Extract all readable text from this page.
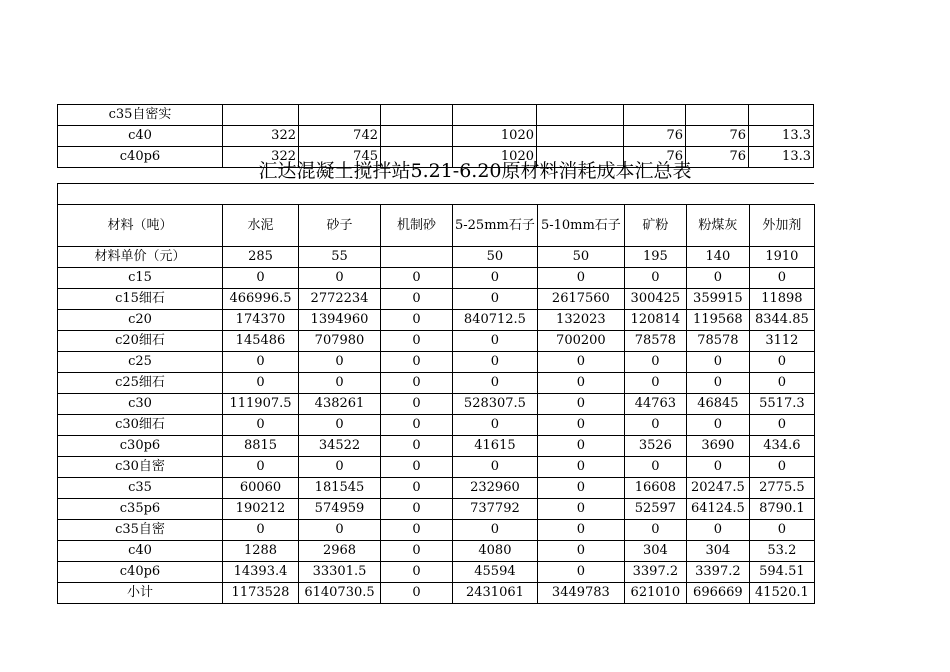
c35自密实								
c40	322	742		1020		76	76	13.3
c40p6	322	745		1020		76	76	13.3
汇达混凝土搅拌站5.21-6.20原材料消耗成本汇总表

材料（吨）	水泥	砂子	机制砂	5-25mm石子	5-10mm石子	矿粉	粉煤灰	外加剂
材料单价（元）	285	55		50	50	195	140	1910
c15	0	0	0	0	0	0	0	0
c15细石	466996.5	2772234	0	0	2617560	300425	359915	11898
c20	174370	1394960	0	840712.5	132023	120814	119568	8344.85
c20细石	145486	707980	0	0	700200	78578	78578	3112
c25	0	0	0	0	0	0	0	0
c25细石	0	0	0	0	0	0	0	0
c30	111907.5	438261	0	528307.5	0	44763	46845	5517.3
c30细石	0	0	0	0	0	0	0	0
c30p6	8815	34522	0	41615	0	3526	3690	434.6
c30自密	0	0	0	0	0	0	0	0
c35	60060	181545	0	232960	0	16608	20247.5	2775.5
c35p6	190212	574959	0	737792	0	52597	64124.5	8790.1
c35自密	0	0	0	0	0	0	0	0
c40	1288	2968	0	4080	0	304	304	53.2
c40p6	14393.4	33301.5	0	45594	0	3397.2	3397.2	594.51
小计	1173528	6140730.5	0	2431061	3449783	621010	696669	41520.1
